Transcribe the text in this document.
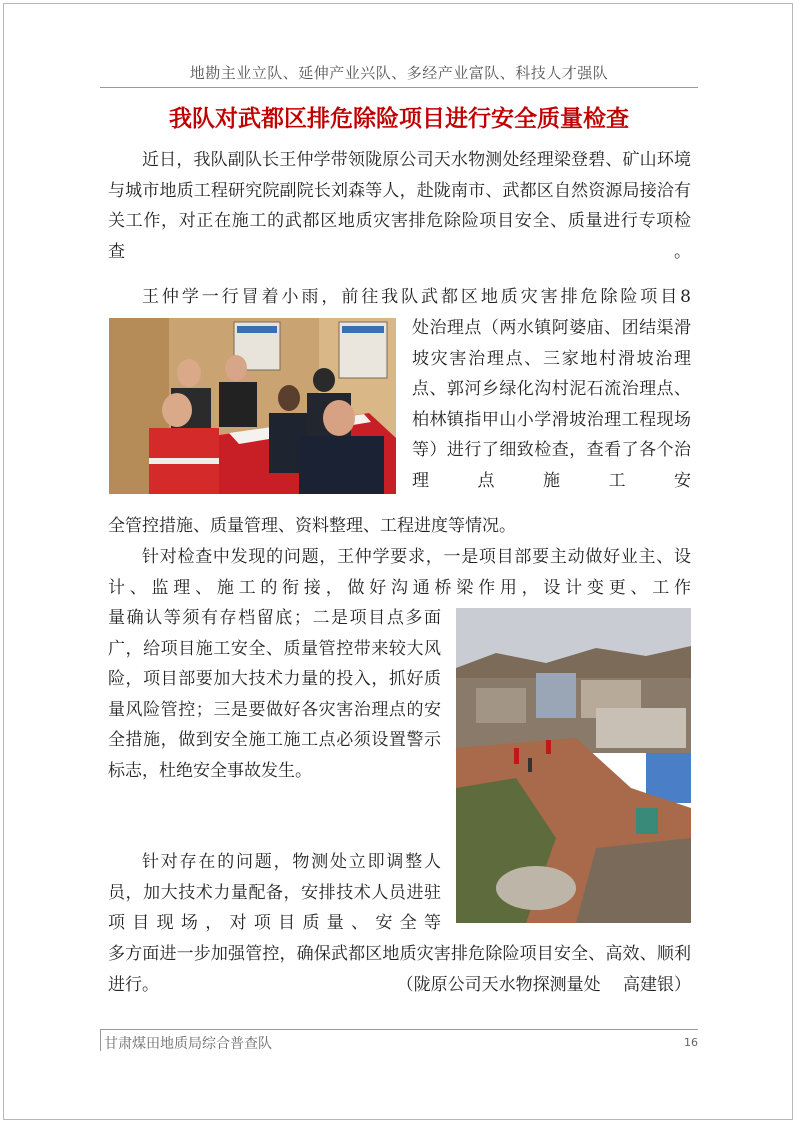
地勘主业立队、延伸产业兴队、多经产业富队、科技人才强队
我队对武都区排危除险项目进行安全质量检查

近日，我队副队长王仲学带领陇原公司天水物测处经理梁登碧、矿山环境与城市地质工程研究院副院长刘森等人，赴陇南市、武都区自然资源局接洽有关工作，对正在施工的武都区地质灾害排危除险项目安全、质量进行专项检查。

王仲学一行冒着小雨，前往我队武都区地质灾害排危除险项目8

处治理点（两水镇阿婆庙、团结渠滑坡灾害治理点、三家地村滑坡治理点、郭河乡绿化沟村泥石流治理点、柏林镇指甲山小学滑坡治理工程现场等）进行了细致检查，查看了各个治理点施工安

全管控措施、质量管理、资料整理、工程进度等情况。

针对检查中发现的问题，王仲学要求，一是项目部要主动做好业主、设计、监理、施工的衔接，做好沟通桥梁作用，设计变更、工作

量确认等须有存档留底；二是项目点多面广，给项目施工安全、质量管控带来较大风险，项目部要加大技术力量的投入，抓好质量风险管控；三是要做好各灾害治理点的安全措施，做到安全施工施工点必须设置警示标志，杜绝安全事故发生。

针对存在的问题，物测处立即调整人员，加大技术力量配备，安排技术人员进驻项目现场，对项目质量、安全等

多方面进一步加强管控，确保武都区地质灾害排危除险项目安全、高效、顺利进行。	（陇原公司天水物探测量处　 高建银）

甘肃煤田地质局综合普查队	16
